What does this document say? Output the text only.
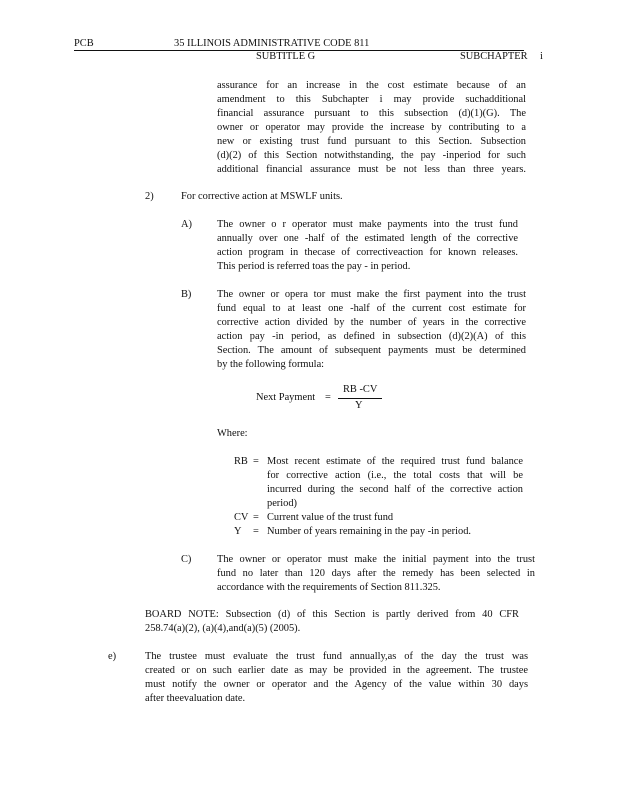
PCB	35 ILLINOIS ADMINISTRATIVE CODE 811
SUBTITLE G	SUBCHAPTER i
assurance for an increase in the cost estimate because of an
amendment to this Subchapter i may provide suchadditional
financial assurance pursuant to this subsection (d)(1)(G). The
owner or operator may provide the increase by contributing to a
new or existing trust fund pursuant to this Section. Subsection
(d)(2) of this Section notwithstanding, the pay -inperiod for such
additional financial assurance must be not less than three years.
2)	For corrective action at MSWLF units.
A) The owner o r operator must make payments into the trust fund
annually over one -half of the estimated length of the corrective
action program in thecase of correctiveaction for known releases.
This period is referred toas the pay - in period.
B) The owner or opera tor must make the first payment into the trust
fund equal to at least one -half of the current cost estimate for
corrective action divided by the number of years in the corrective
action pay -in period, as defined in subsection (d)(2)(A) of this
Section. The amount of subsequent payments must be determined
by the following formula:
Next Payment =
RB -CV
Y
Where:
RB = Most recent estimate of the required trust fund balance
for corrective action (i.e., the total costs that will be
incurred during the second half of the corrective action
period)
CV = Current value of the trust fund
Y = Number of years remaining in the pay -in period.
C) The owner or operator must make the initial payment into the trust
fund no later than 120 days after the remedy has been selected in
accordance with the requirements of Section 811.325.
BOARD NOTE: Subsection (d) of this Section is partly derived from 40 CFR
258.74(a)(2), (a)(4),and(a)(5) (2005).
e)	The trustee must evaluate the trust fund annually,as of the day the trust was
created or on such earlier date as may be provided in the agreement. The trustee
must notify the owner or operator and the Agency of the value within 30 days
after theevaluation date.
